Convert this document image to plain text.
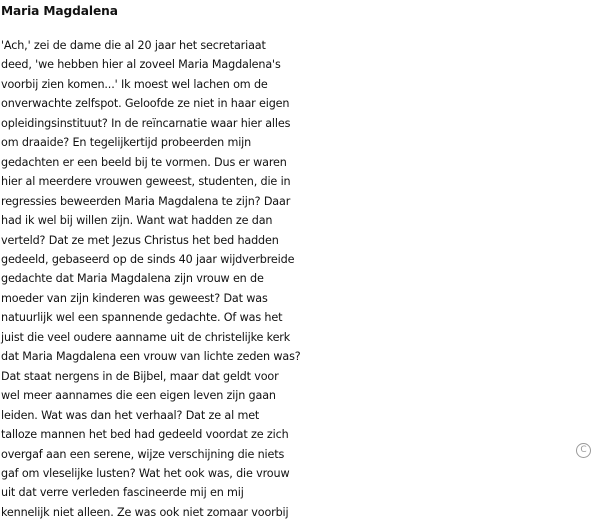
Maria Magdalena
'Ach,' zei de dame die al 20 jaar het secretariaat
deed, 'we hebben hier al zoveel Maria Magdalena's
voorbij zien komen...' Ik moest wel lachen om de
onverwachte zelfspot. Geloofde ze niet in haar eigen
opleidingsinstituut? In de reïncarnatie waar hier alles
om draaide? En tegelijkertijd probeerden mijn
gedachten er een beeld bij te vormen. Dus er waren
hier al meerdere vrouwen geweest, studenten, die in
regressies beweerden Maria Magdalena te zijn? Daar
had ik wel bij willen zijn. Want wat hadden ze dan
verteld? Dat ze met Jezus Christus het bed hadden
gedeeld, gebaseerd op de sinds 40 jaar wijdverbreide
gedachte dat Maria Magdalena zijn vrouw en de
moeder van zijn kinderen was geweest? Dat was
natuurlijk wel een spannende gedachte. Of was het
juist die veel oudere aanname uit de christelijke kerk
dat Maria Magdalena een vrouw van lichte zeden was?
Dat staat nergens in de Bijbel, maar dat geldt voor
wel meer aannames die een eigen leven zijn gaan
leiden. Wat was dan het verhaal? Dat ze al met
talloze mannen het bed had gedeeld voordat ze zich
overgaf aan een serene, wijze verschijning die niets
gaf om vleselijke lusten? Wat het ook was, die vrouw
uit dat verre verleden fascineerde mij en mij
kennelijk niet alleen. Ze was ook niet zomaar voorbij
C
